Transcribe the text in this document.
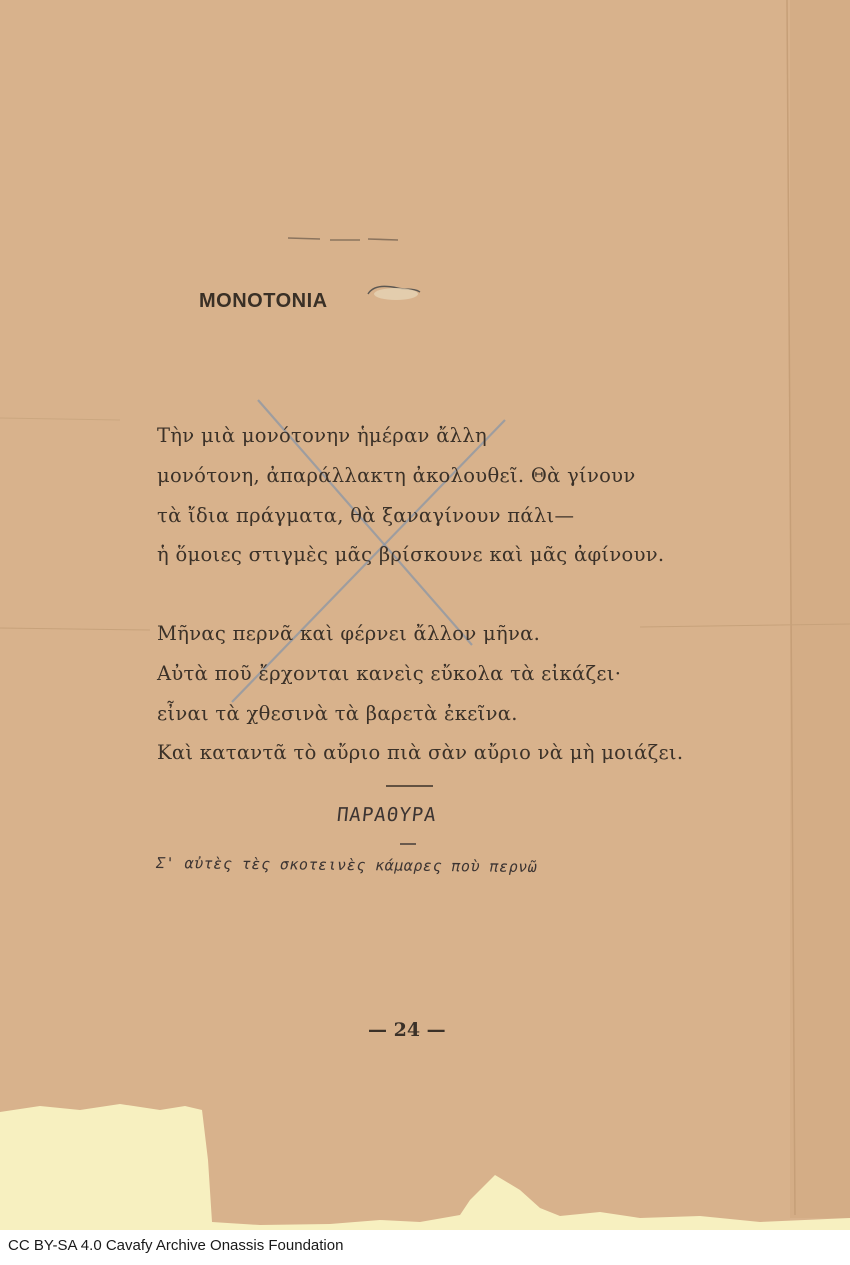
MONOTONIA
Τὴν μιὰ μονότονην ἡμέραν ἄλλη
μονότονη, ἀπαράλλακτη ἀκολουθεῖ. Θὰ γίνουν
τὰ ἴδια πράγματα, θὰ ξαναγίνουν πάλι—
ἡ ὅμοιες στιγμὲς μᾶς βρίσκουνε καὶ μᾶς ἀφίνουν.
Μῆνας περνᾶ καὶ φέρνει ἄλλον μῆνα.
Αὐτὰ ποῦ ἔρχονται κανεὶς εὔκολα τὰ εἰκάζει·
εἶναι τὰ χθεσινὰ τὰ βαρετὰ ἐκεῖνα.
Καὶ καταντᾶ τὸ αὔριο πιὰ σὰν αὔριο νὰ μὴ μοιάζει.
ΠΑΡΑΘΥΡΑ
Σ' αὐτὲς τὲς σκοτεινὲς κάμαρες ποὺ περνῶ
— 24 —
CC BY-SA 4.0 Cavafy Archive Onassis Foundation
